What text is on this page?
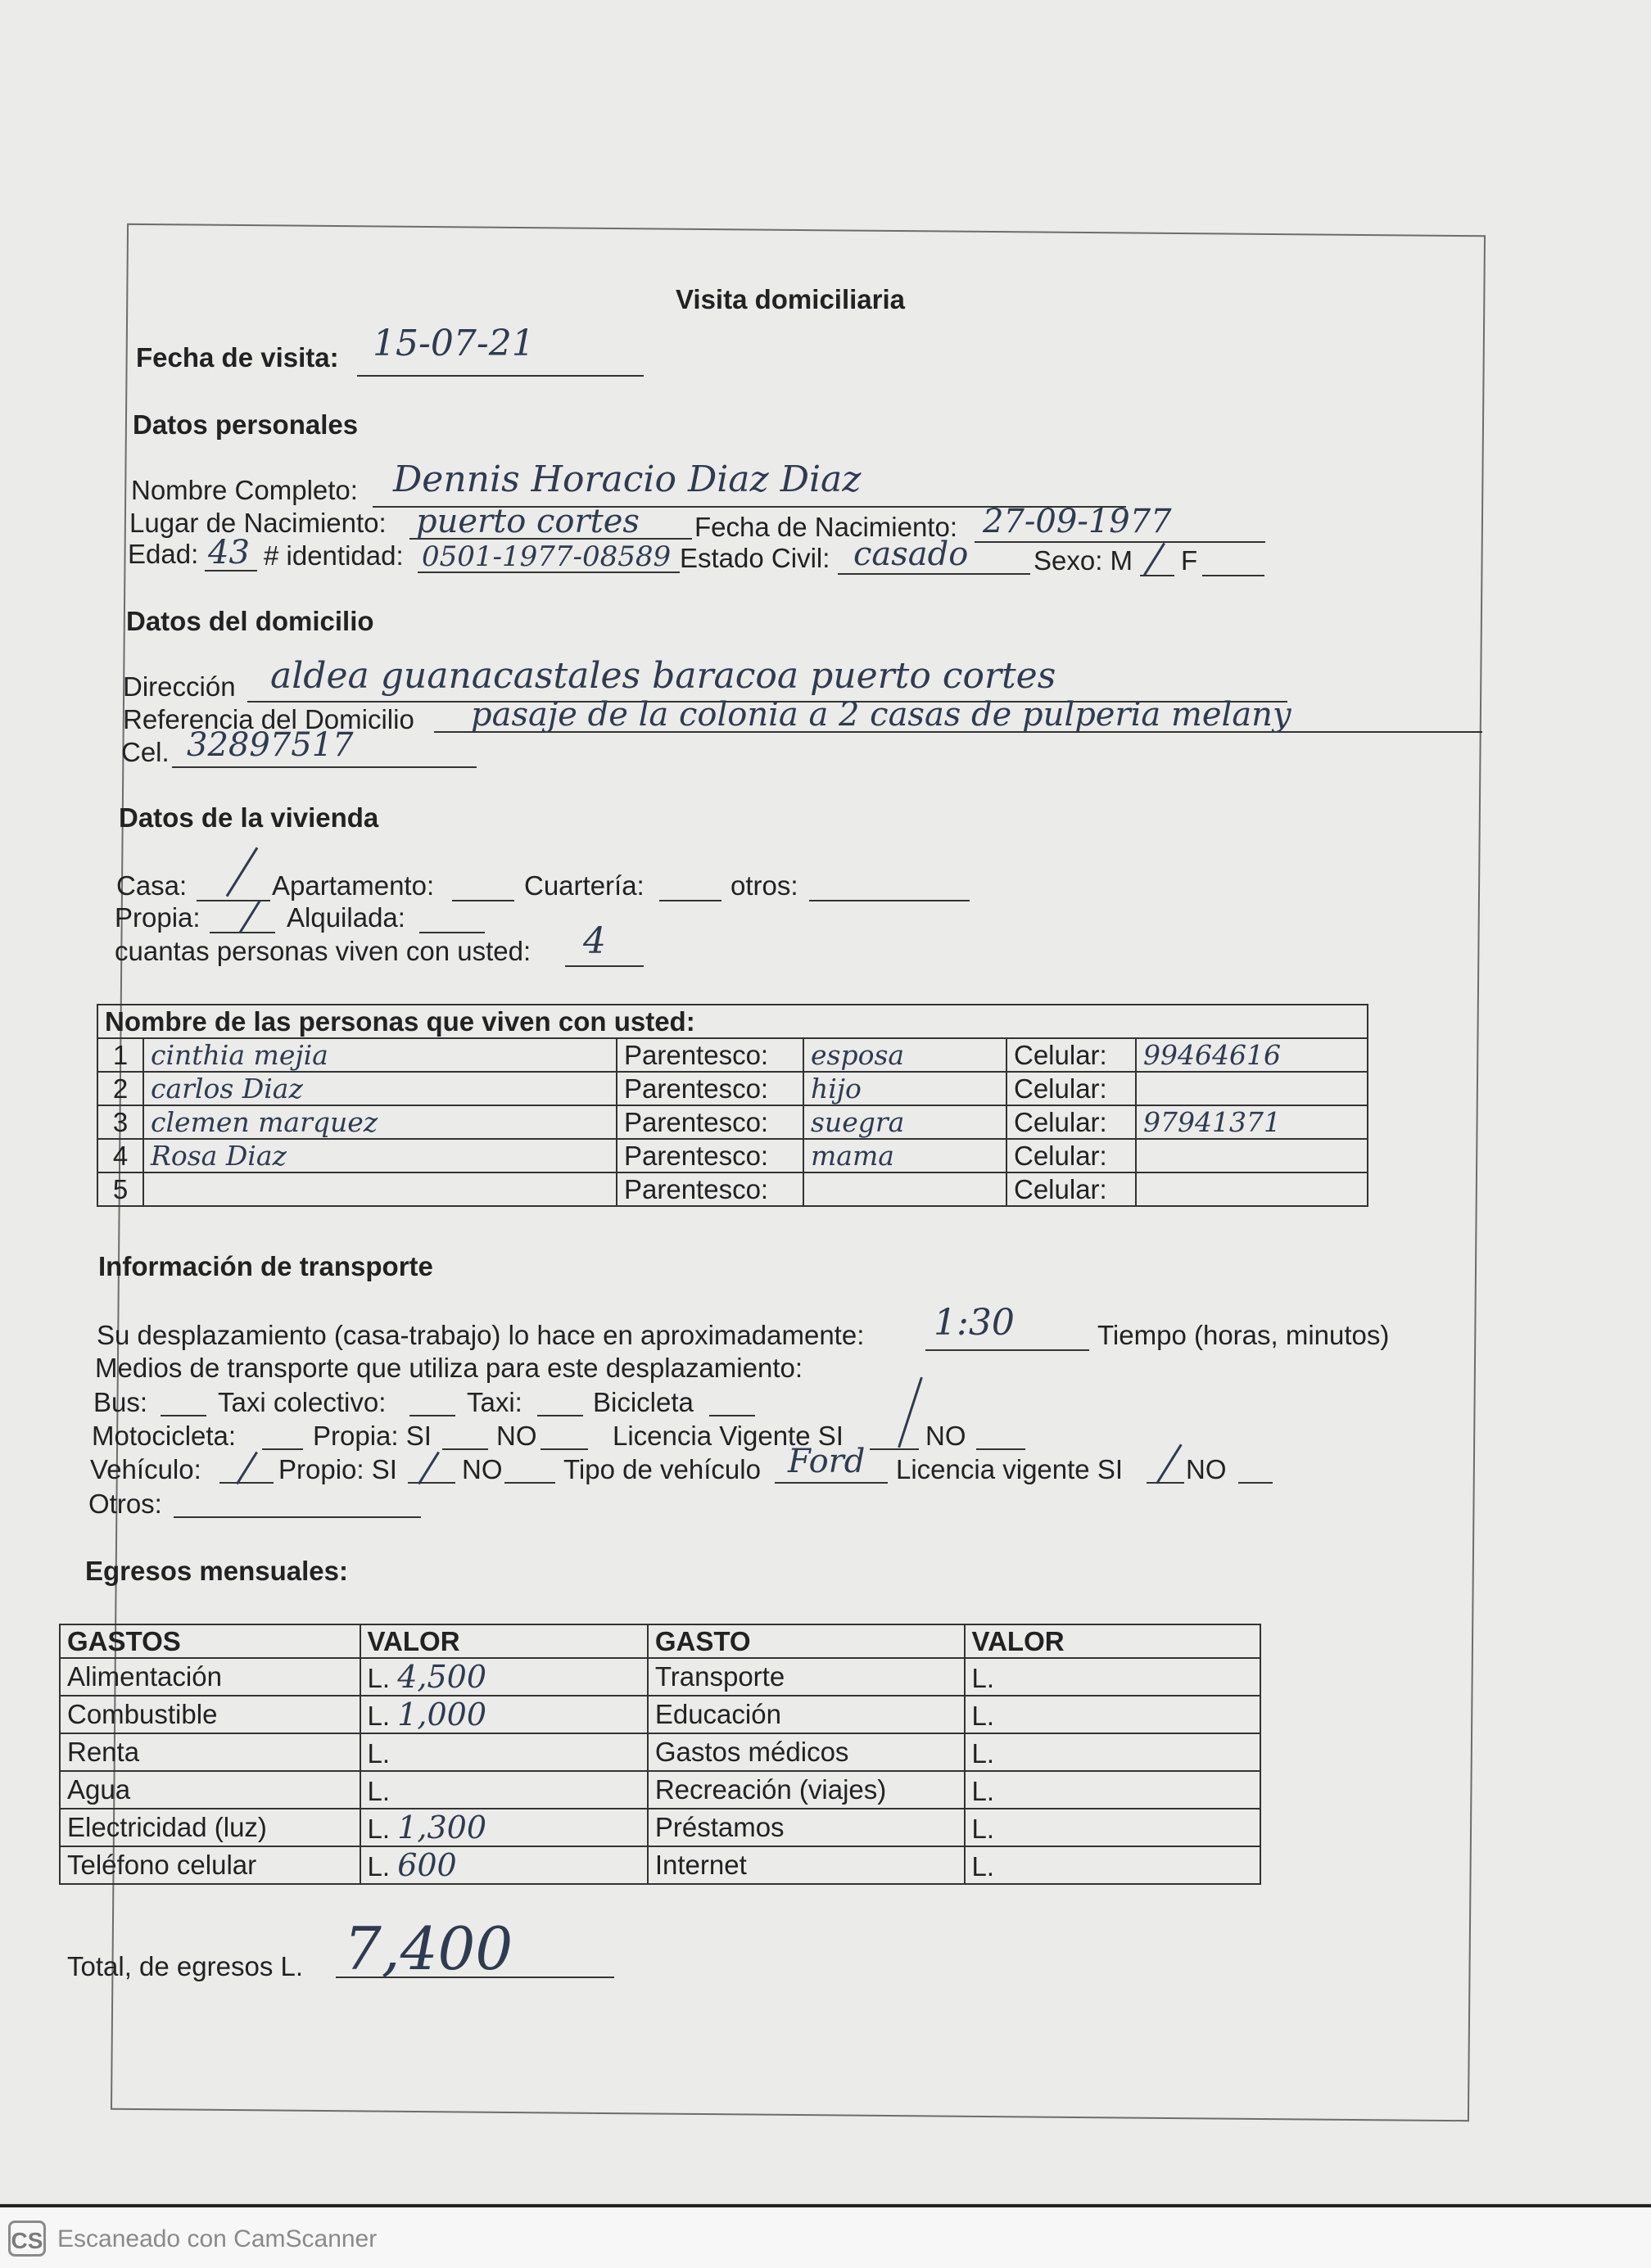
Visita domiciliaria
Fecha de visita: 15-07-21
Datos personales
Nombre Completo: Dennis Horacio Diaz Diaz
Lugar de Nacimiento: puerto cortes Fecha de Nacimiento: 27-09-1977
Edad: 43 # identidad: 0501-1977-08589 Estado Civil: casado Sexo: M F
Datos del domicilio
Dirección aldea guanacastales baracoa puerto cortes
Referencia del Domicilio pasaje de la colonia a 2 casas de pulperia melany
Cel. 32897517
Datos de la vivienda
Casa:	Apartamento:	Cuartería:	otros:
Propia:	Alquilada:
cuantas personas viven con usted: 4
Nombre de las personas que viven con usted:					
1	cinthia mejia	Parentesco:	esposa	Celular:	99464616
2	carlos Diaz	Parentesco:	hijo	Celular:	
3	clemen marquez	Parentesco:	suegra	Celular:	97941371
4	Rosa Diaz	Parentesco:	mama	Celular:	
5		Parentesco:		Celular:	
Información de transporte
Su desplazamiento (casa-trabajo) lo hace en aproximadamente: 1:30	Tiempo (horas, minutos)
Medios de transporte que utiliza para este desplazamiento:
Bus:	Taxi colectivo:	Taxi:	Bicicleta
Motocicleta:	Propia: SI NO	Licencia Vigente SI	NO
Vehículo:	Propio: SI NO Tipo de vehículo Ford Licencia vigente SI NO
Otros:
Egresos mensuales:
GASTOS	VALOR	GASTO	VALOR
Alimentación	L. 4,500	Transporte	L.
Combustible	L. 1,000	Educación	L.
Renta	L.	Gastos médicos	L.
Agua	L.	Recreación (viajes)	L.
Electricidad (luz)	L. 1,300	Préstamos	L.
Teléfono celular	L. 600	Internet	L.
Total, de egresos L. 7,400
CS Escaneado con CamScanner
